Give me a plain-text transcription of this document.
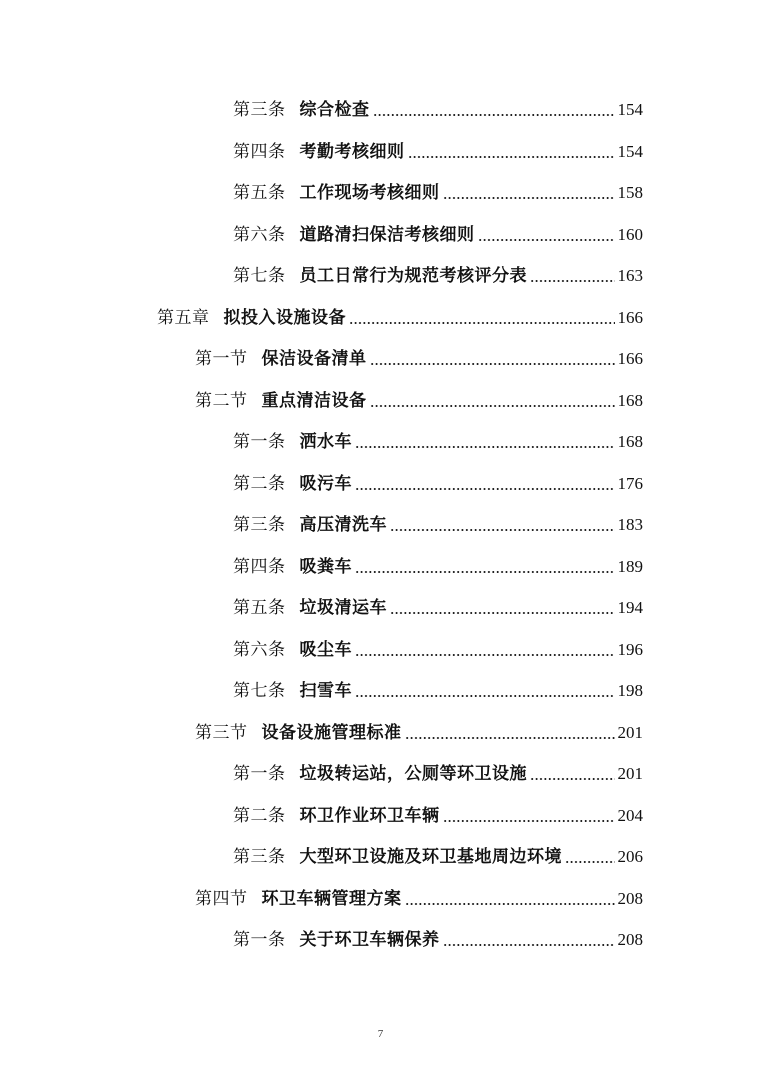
第三条 综合检查	154
第四条 考勤考核细则	154
第五条 工作现场考核细则	158
第六条 道路清扫保洁考核细则	160
第七条 员工日常行为规范考核评分表	163
第五章 拟投入设施设备	166
第一节 保洁设备清单	166
第二节 重点清洁设备	168
第一条 洒水车	168
第二条 吸污车	176
第三条 高压清洗车	183
第四条 吸粪车	189
第五条 垃圾清运车	194
第六条 吸尘车	196
第七条 扫雪车	198
第三节 设备设施管理标准	201
第一条 垃圾转运站，公厕等环卫设施	201
第二条 环卫作业环卫车辆	204
第三条 大型环卫设施及环卫基地周边环境	206
第四节 环卫车辆管理方案	208
第一条 关于环卫车辆保养	208
7
